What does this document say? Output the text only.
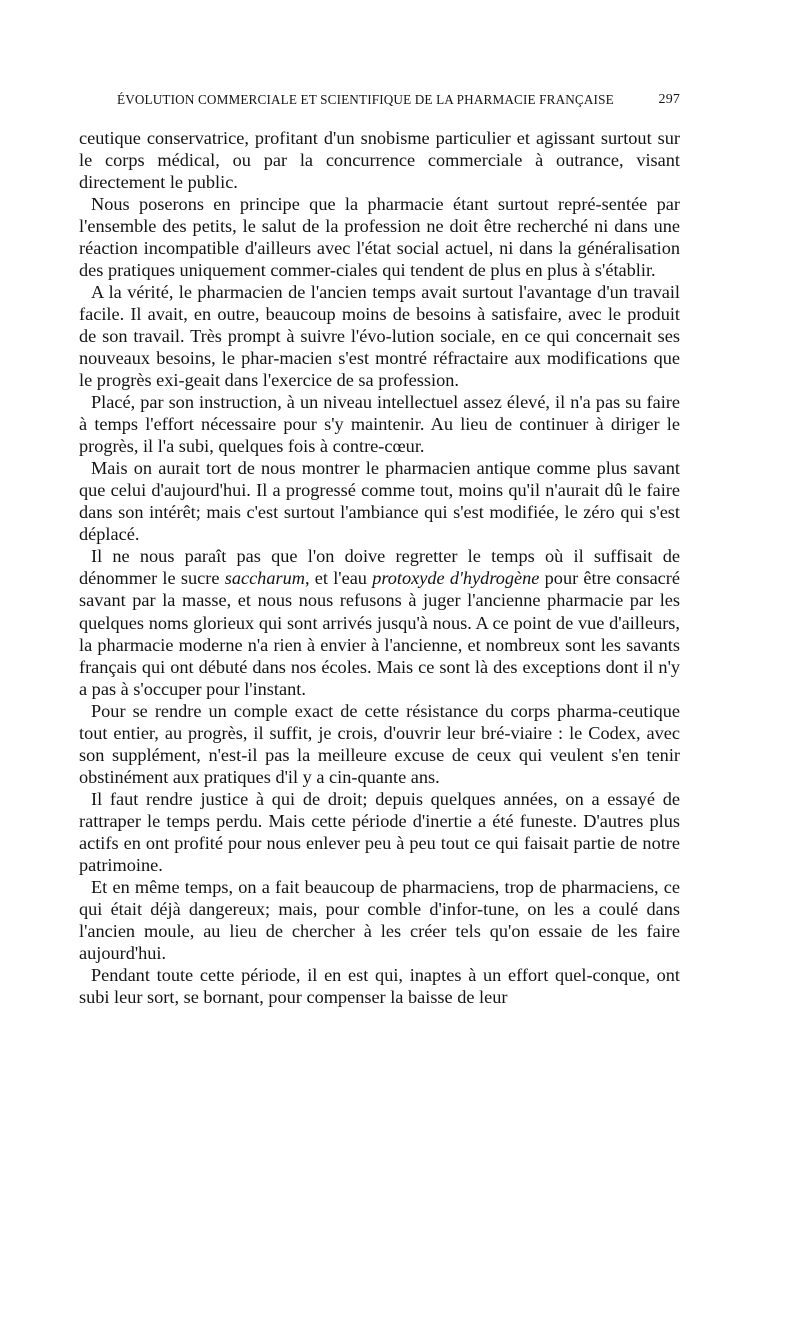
ÉVOLUTION COMMERCIALE ET SCIENTIFIQUE DE LA PHARMACIE FRANÇAISE	297

ceutique conservatrice, profitant d'un snobisme particulier et agissant surtout sur le corps médical, ou par la concurrence commerciale à outrance, visant directement le public.

Nous poserons en principe que la pharmacie étant surtout repré-sentée par l'ensemble des petits, le salut de la profession ne doit être recherché ni dans une réaction incompatible d'ailleurs avec l'état social actuel, ni dans la généralisation des pratiques uniquement commer-ciales qui tendent de plus en plus à s'établir.

A la vérité, le pharmacien de l'ancien temps avait surtout l'avantage d'un travail facile. Il avait, en outre, beaucoup moins de besoins à satisfaire, avec le produit de son travail. Très prompt à suivre l'évo-lution sociale, en ce qui concernait ses nouveaux besoins, le phar-macien s'est montré réfractaire aux modifications que le progrès exi-geait dans l'exercice de sa profession.

Placé, par son instruction, à un niveau intellectuel assez élevé, il n'a pas su faire à temps l'effort nécessaire pour s'y maintenir. Au lieu de continuer à diriger le progrès, il l'a subi, quelques fois à contre-cœur.

Mais on aurait tort de nous montrer le pharmacien antique comme plus savant que celui d'aujourd'hui. Il a progressé comme tout, moins qu'il n'aurait dû le faire dans son intérêt; mais c'est surtout l'ambiance qui s'est modifiée, le zéro qui s'est déplacé.

Il ne nous paraît pas que l'on doive regretter le temps où il suffisait de dénommer le sucre saccharum, et l'eau protoxyde d'hydrogène pour être consacré savant par la masse, et nous nous refusons à juger l'ancienne pharmacie par les quelques noms glorieux qui sont arrivés jusqu'à nous. A ce point de vue d'ailleurs, la pharmacie moderne n'a rien à envier à l'ancienne, et nombreux sont les savants français qui ont débuté dans nos écoles. Mais ce sont là des exceptions dont il n'y a pas à s'occuper pour l'instant.

Pour se rendre un comple exact de cette résistance du corps pharma-ceutique tout entier, au progrès, il suffit, je crois, d'ouvrir leur bré-viaire : le Codex, avec son supplément, n'est-il pas la meilleure excuse de ceux qui veulent s'en tenir obstinément aux pratiques d'il y a cin-quante ans.

Il faut rendre justice à qui de droit; depuis quelques années, on a essayé de rattraper le temps perdu. Mais cette période d'inertie a été funeste. D'autres plus actifs en ont profité pour nous enlever peu à peu tout ce qui faisait partie de notre patrimoine.

Et en même temps, on a fait beaucoup de pharmaciens, trop de pharmaciens, ce qui était déjà dangereux; mais, pour comble d'infor-tune, on les a coulé dans l'ancien moule, au lieu de chercher à les créer tels qu'on essaie de les faire aujourd'hui.

Pendant toute cette période, il en est qui, inaptes à un effort quel-conque, ont subi leur sort, se bornant, pour compenser la baisse de leur
